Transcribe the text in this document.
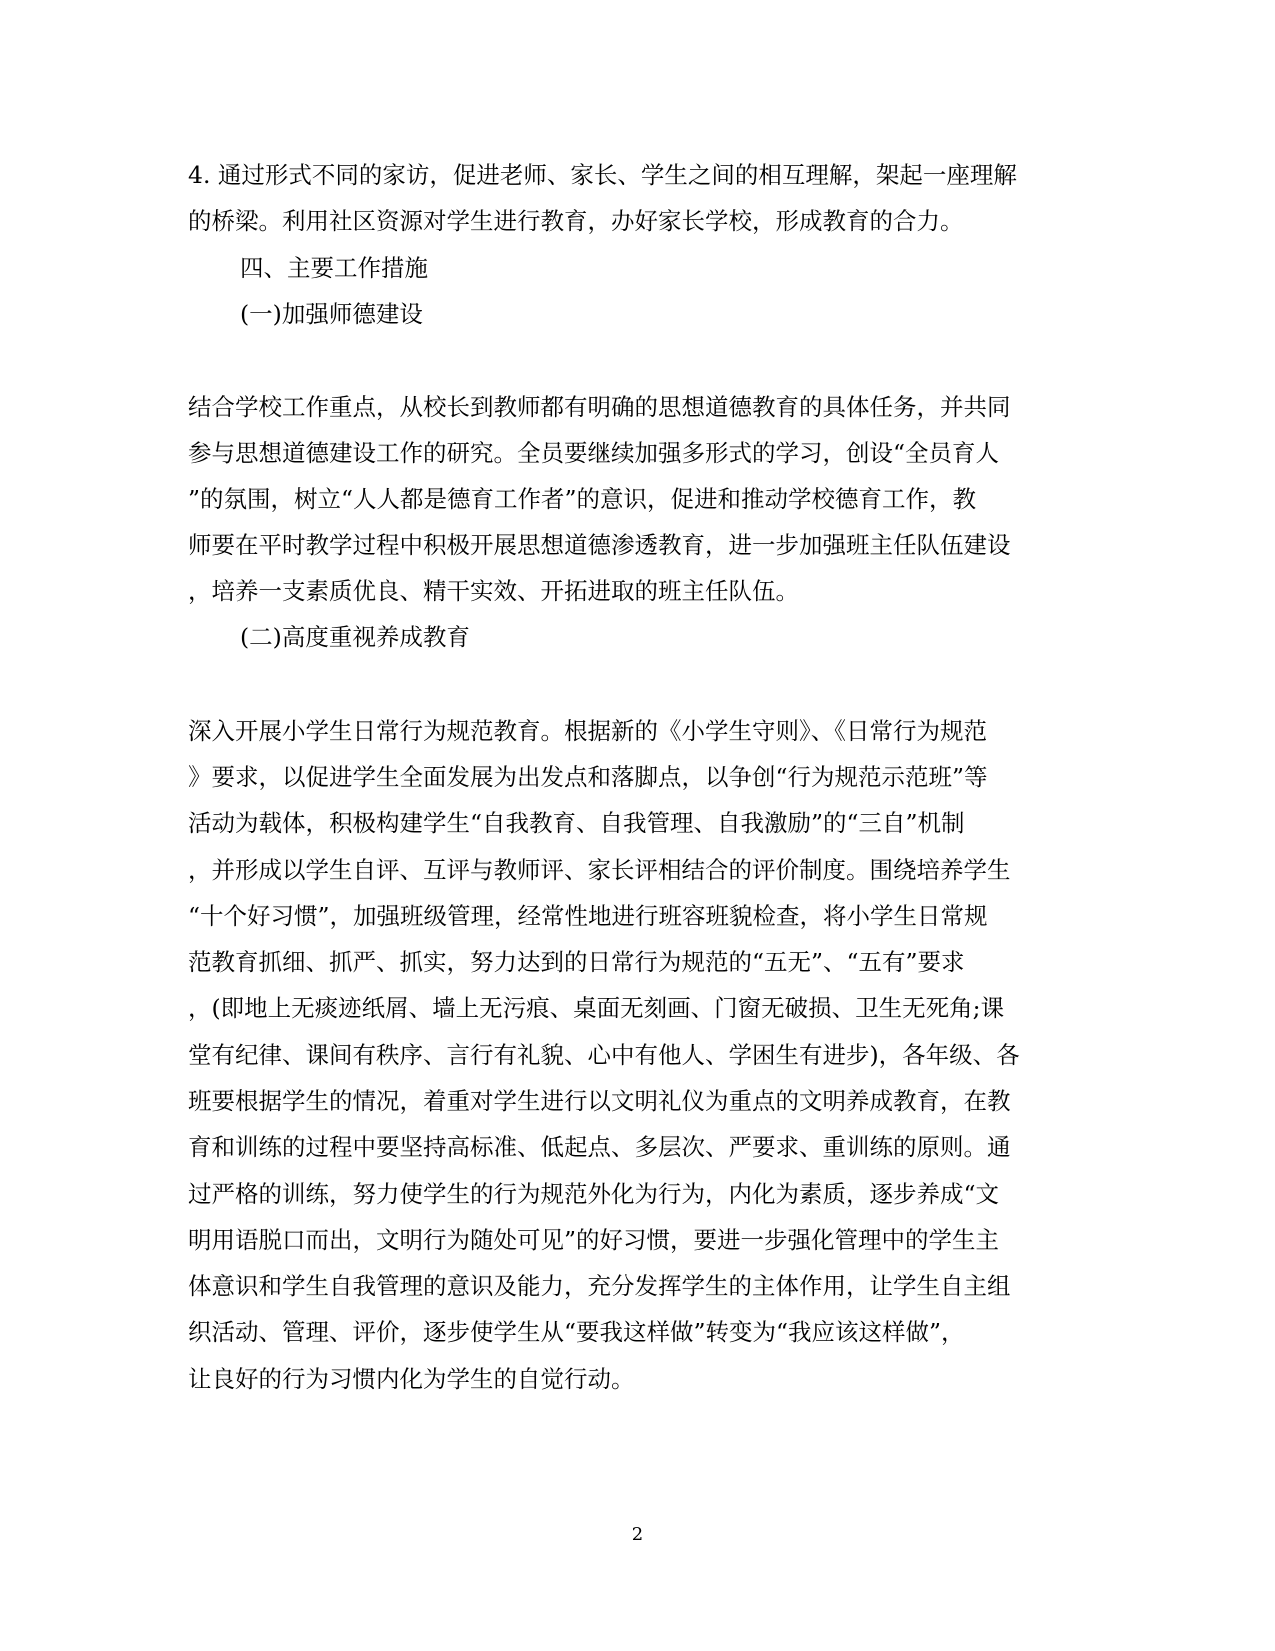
4. 通过形式不同的家访，促进老师、家长、学生之间的相互理解，架起一座理解

的桥梁。利用社区资源对学生进行教育，办好家长学校，形成教育的合力。

四、主要工作措施

(一)加强师德建设

结合学校工作重点，从校长到教师都有明确的思想道德教育的具体任务，并共同

参与思想道德建设工作的研究。全员要继续加强多形式的学习，创设“全员育人

”的氛围，树立“人人都是德育工作者”的意识，促进和推动学校德育工作，教

师要在平时教学过程中积极开展思想道德渗透教育，进一步加强班主任队伍建设

，培养一支素质优良、精干实效、开拓进取的班主任队伍。

(二)高度重视养成教育

深入开展小学生日常行为规范教育。根据新的《小学生守则》、《日常行为规范

》要求，以促进学生全面发展为出发点和落脚点，以争创“行为规范示范班”等

活动为载体，积极构建学生“自我教育、自我管理、自我激励”的“三自”机制

，并形成以学生自评、互评与教师评、家长评相结合的评价制度。围绕培养学生

“十个好习惯”，加强班级管理，经常性地进行班容班貌检查，将小学生日常规

范教育抓细、抓严、抓实，努力达到的日常行为规范的“五无”、“五有”要求

，(即地上无痰迹纸屑、墙上无污痕、桌面无刻画、门窗无破损、卫生无死角;课

堂有纪律、课间有秩序、言行有礼貌、心中有他人、学困生有进步)，各年级、各

班要根据学生的情况，着重对学生进行以文明礼仪为重点的文明养成教育，在教

育和训练的过程中要坚持高标准、低起点、多层次、严要求、重训练的原则。通

过严格的训练，努力使学生的行为规范外化为行为，内化为素质，逐步养成“文

明用语脱口而出，文明行为随处可见”的好习惯，要进一步强化管理中的学生主

体意识和学生自我管理的意识及能力，充分发挥学生的主体作用，让学生自主组

织活动、管理、评价，逐步使学生从“要我这样做”转变为“我应该这样做”，

让良好的行为习惯内化为学生的自觉行动。

2
